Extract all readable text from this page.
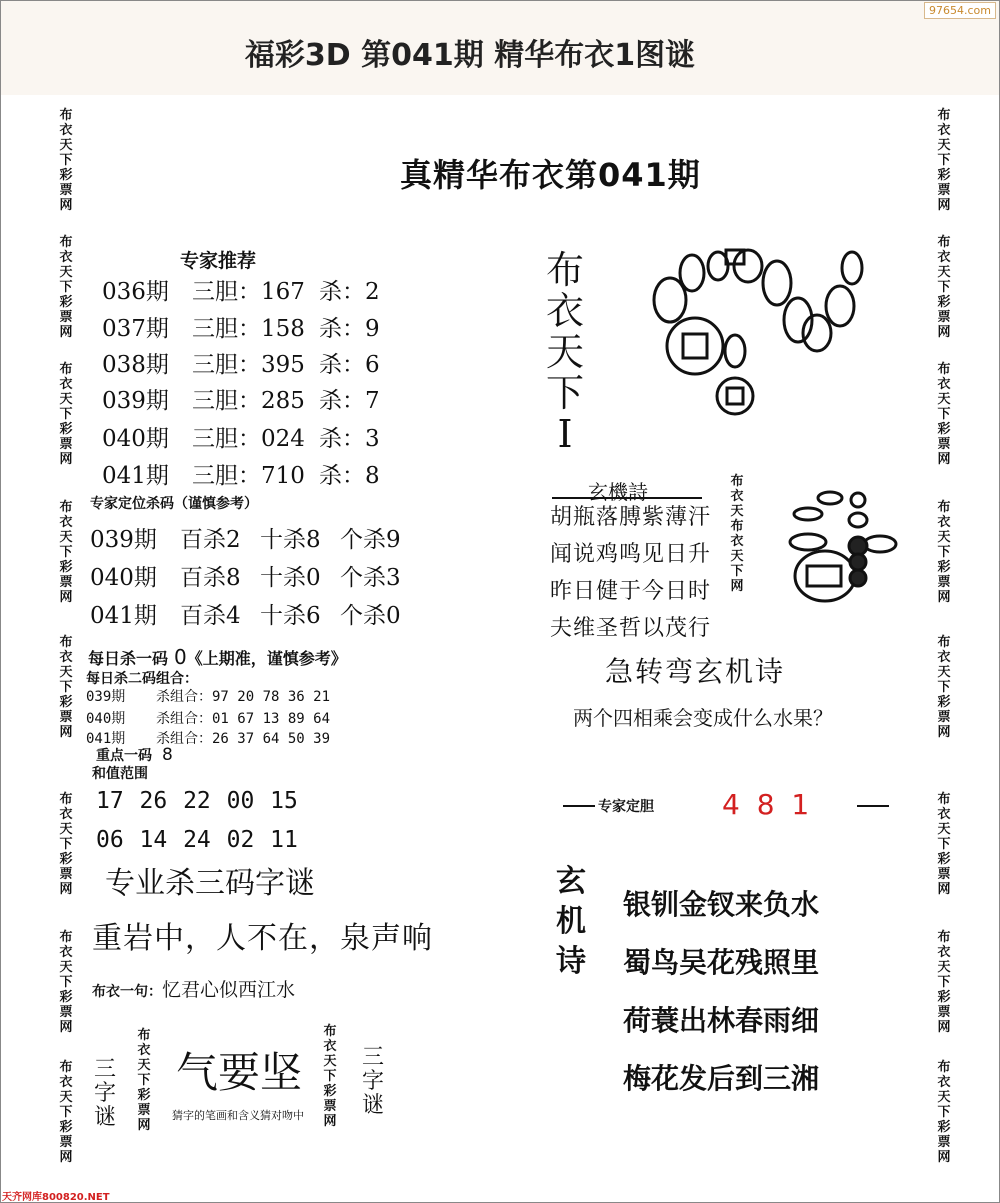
97654.com
福彩3D 第041期 精华布衣1图谜
布衣天下彩票网
布衣天下彩票网
布衣天下彩票网
布衣天下彩票网
布衣天下彩票网
布衣天下彩票网
布衣天下彩票网
布衣天下彩票网
布衣天下彩票网
布衣天下彩票网
布衣天下彩票网
布衣天下彩票网
布衣天下彩票网
布衣天下彩票网
布衣天下彩票网
布衣天下彩票网
真精华布衣第041期
专家推荐
036期 三胆：167 杀：2
037期 三胆：158 杀：9
038期 三胆：395 杀：6
039期 三胆：285 杀：7
040期 三胆：024 杀：3
041期 三胆：710 杀：8
专家定位杀码（谨慎参考）
039期 百杀2 十杀8 个杀9
040期 百杀8 十杀0 个杀3
041期 百杀4 十杀6 个杀0
每日杀一码 0《上期准，谨慎参考》
每日杀二码组合：
039期 杀组合：97 20 78 36 21
040期 杀组合：01 67 13 89 64
041期 杀组合：26 37 64 50 39
重点一码 8
和值范围
17 26 22 00 15
06 14 24 02 11
专业杀三码字谜
重岩中，人不在，泉声响
布衣一句：忆君心似西江水
三字谜
布衣天下彩票网
气要坚
猜字的笔画和含义猜对吻中
布衣天下彩票网
三字谜
布衣天下Ⅰ
玄機詩
胡瓶落膊紫薄汗
闻说鸡鸣见日升
昨日健于今日时
夫维圣哲以茂行
布衣天布衣天下网
急转弯玄机诗
两个四相乘会变成什么水果？
专家定胆 4 8 1
玄机诗
银钏金钗来负水
蜀鸟吴花残照里
荷蓑出林春雨细
梅花发后到三湘
天齐网库800820.NET
